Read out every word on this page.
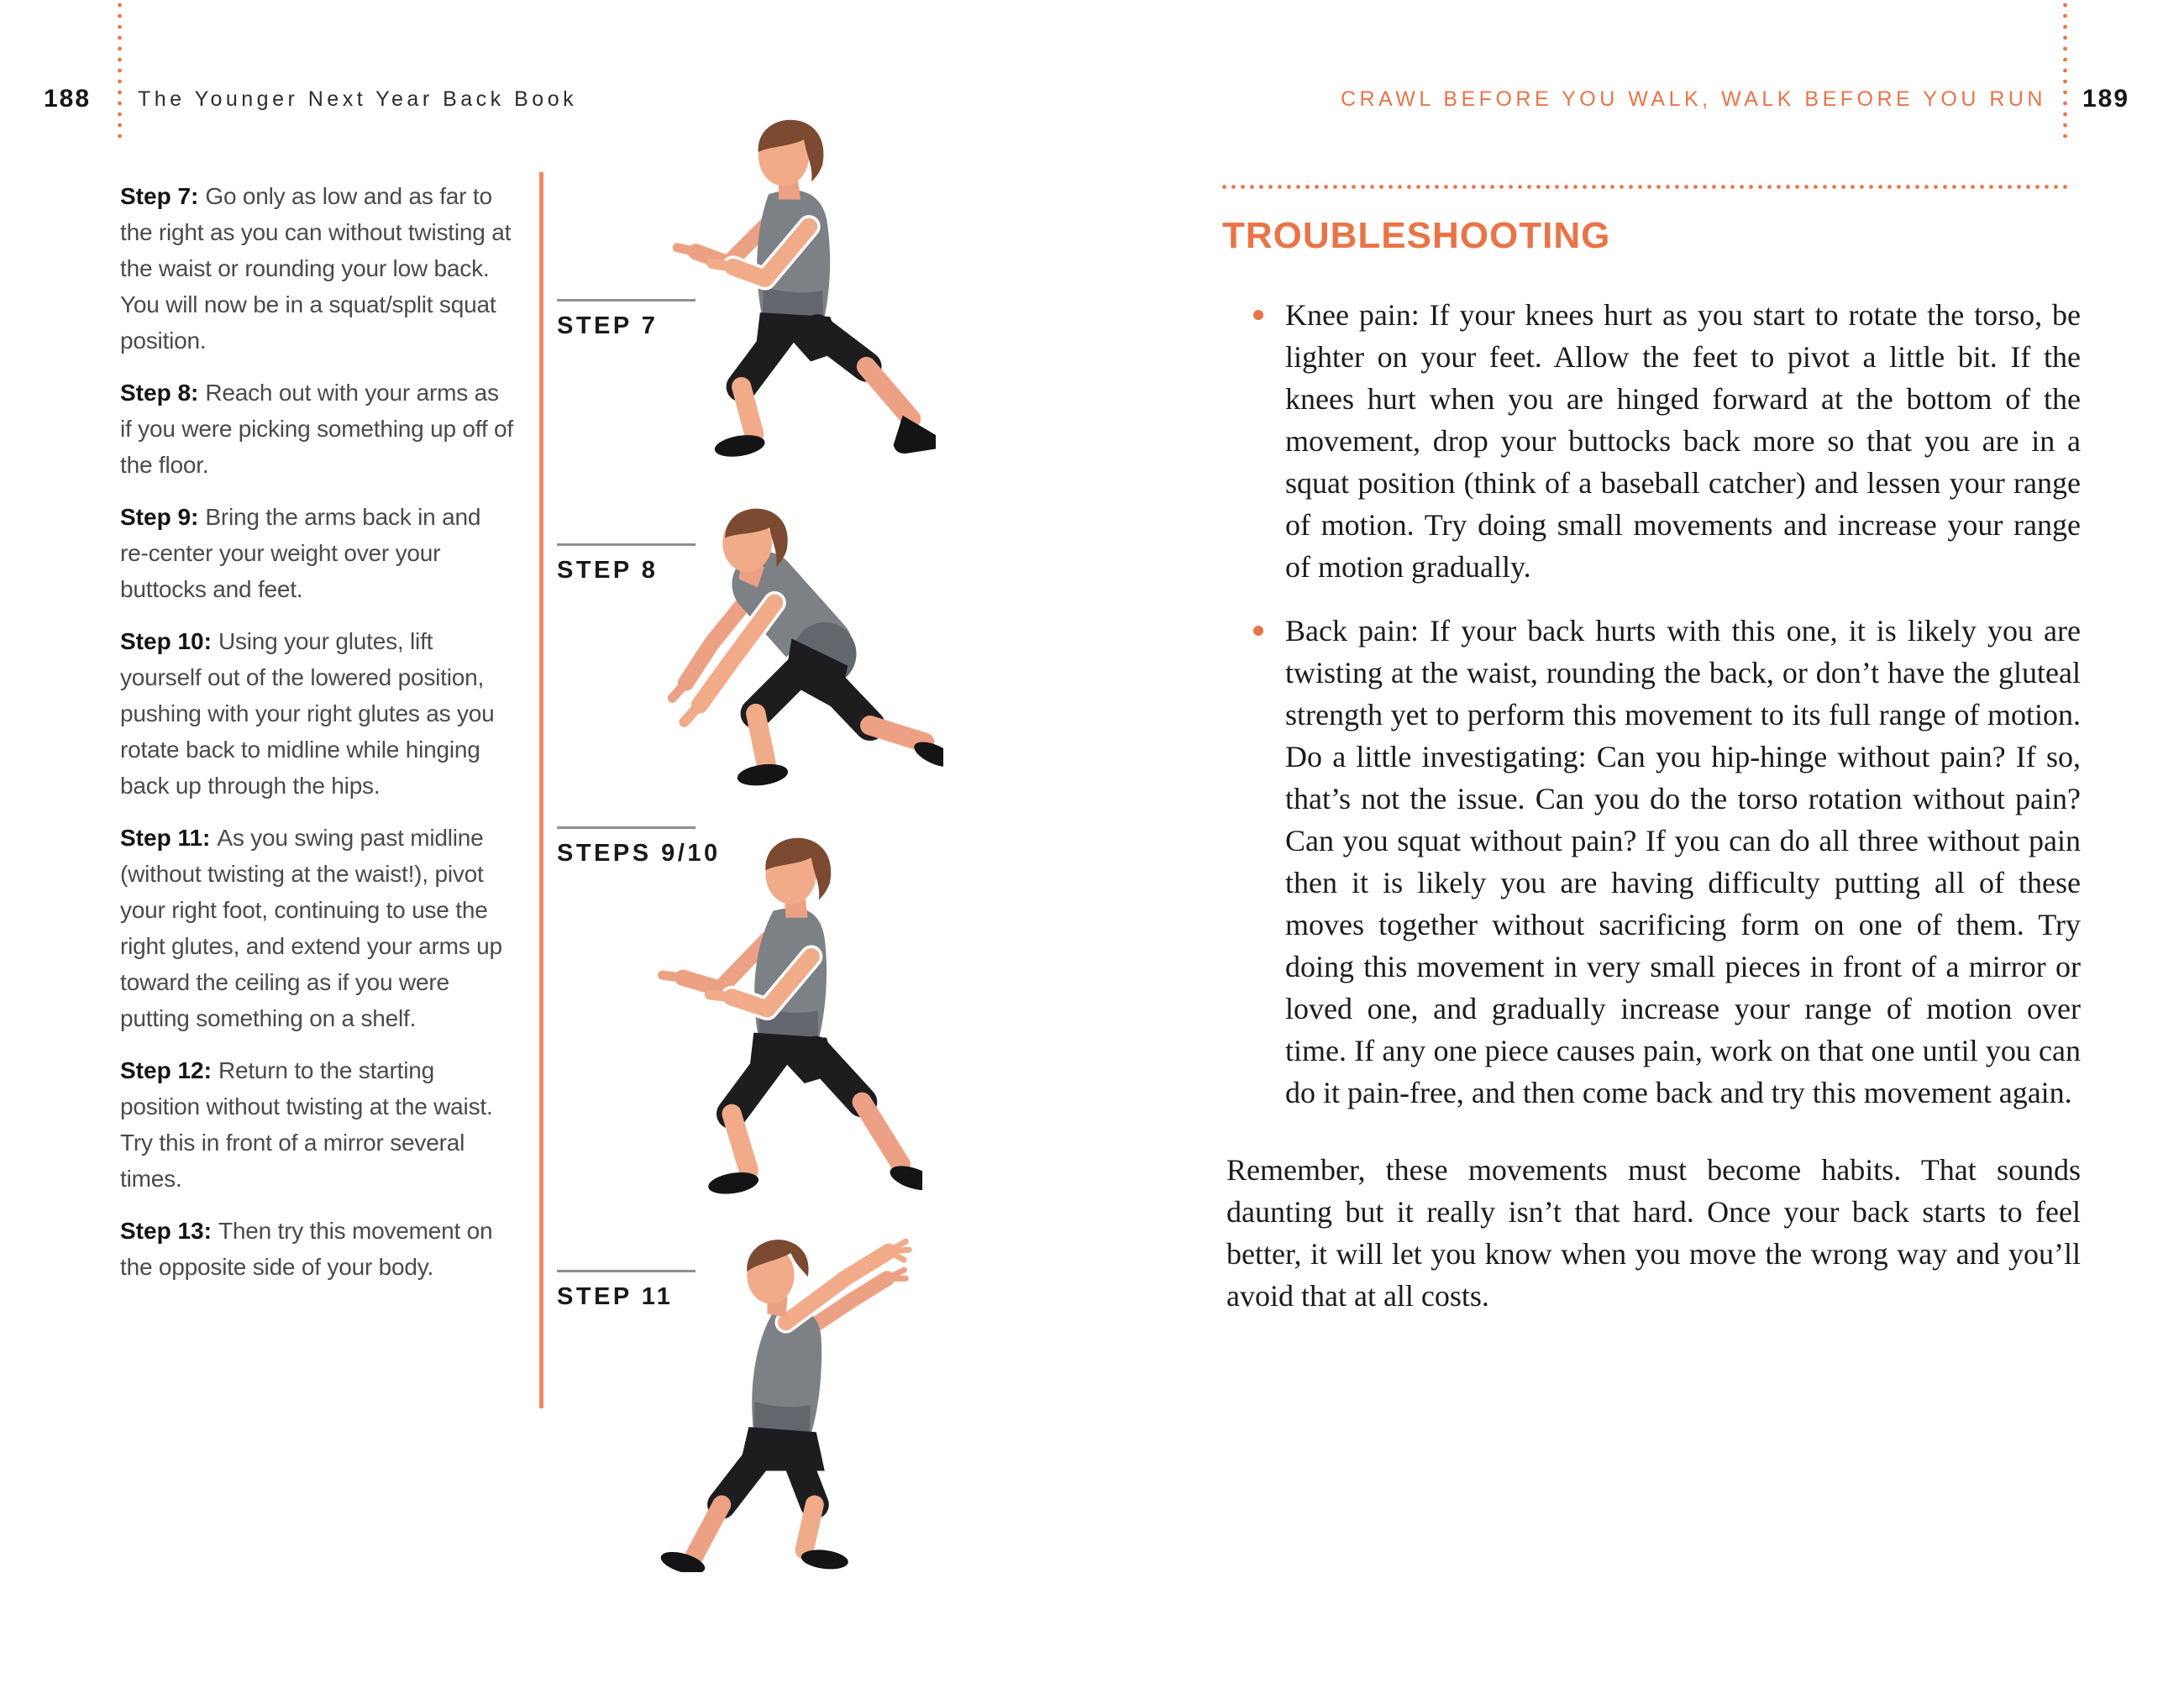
188 The Younger Next Year Back Book	CRAWL BEFORE YOU WALK, WALK BEFORE YOU RUN 189

Step 7: Go only as low and as far to the right as you can without twisting at the waist or rounding your low back. You will now be in a squat/split squat position.

Step 8: Reach out with your arms as if you were picking something up off of the floor.

Step 9: Bring the arms back in and re-center your weight over your buttocks and feet.

Step 10: Using your glutes, lift yourself out of the lowered position, pushing with your right glutes as you rotate back to midline while hinging back up through the hips.

Step 11: As you swing past midline (without twisting at the waist!), pivot your right foot, continuing to use the right glutes, and extend your arms up toward the ceiling as if you were putting something on a shelf.

Step 12: Return to the starting position without twisting at the waist. Try this in front of a mirror several times.

Step 13: Then try this movement on the opposite side of your body.

STEP 7
STEP 8
STEPS 9/10
STEP 11
TROUBLESHOOTING
Knee pain: If your knees hurt as you start to rotate the torso, be lighter on your feet. Allow the feet to pivot a little bit. If the knees hurt when you are hinged forward at the bottom of the movement, drop your buttocks back more so that you are in a squat position (think of a baseball catcher) and lessen your range of motion. Try doing small movements and increase your range of motion gradually.
Back pain: If your back hurts with this one, it is likely you are twisting at the waist, rounding the back, or don’t have the gluteal strength yet to perform this movement to its full range of motion. Do a little investigating: Can you hip-hinge without pain? If so, that’s not the issue. Can you do the torso rotation without pain? Can you squat without pain? If you can do all three without pain then it is likely you are having difficulty putting all of these moves together without sacrificing form on one of them. Try doing this movement in very small pieces in front of a mirror or loved one, and gradually increase your range of motion over time. If any one piece causes pain, work on that one until you can do it pain-free, and then come back and try this movement again.
Remember, these movements must become habits. That sounds daunting but it really isn’t that hard. Once your back starts to feel better, it will let you know when you move the wrong way and you’ll avoid that at all costs.
